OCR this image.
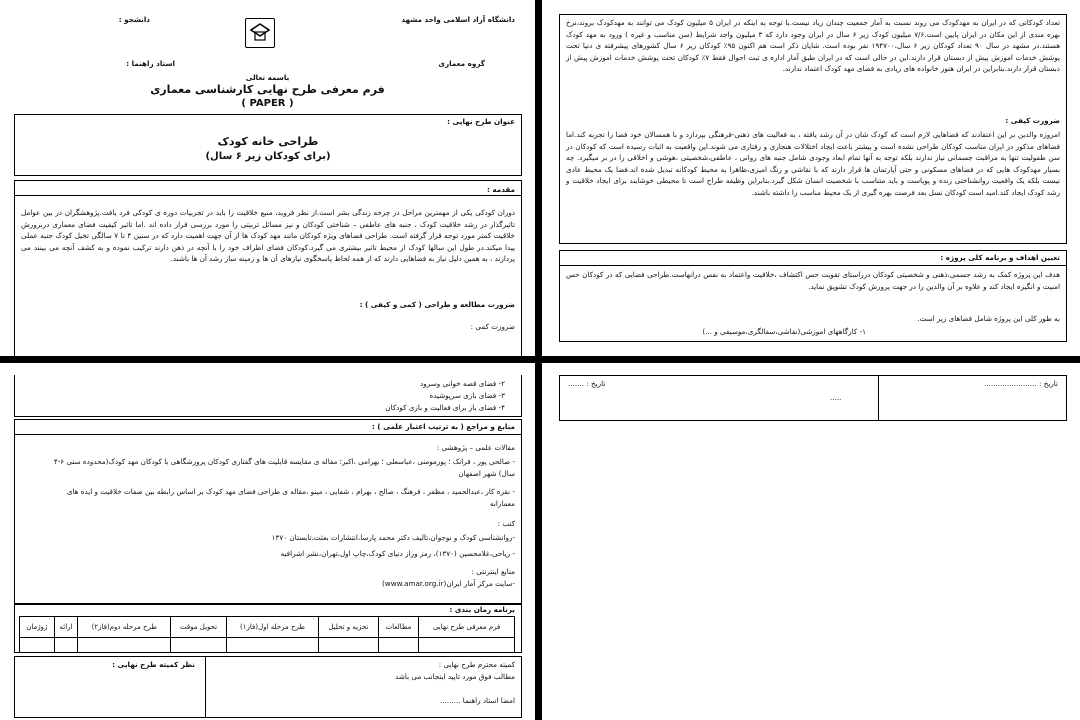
دانشگاه آزاد اسلامی واحد مشهد
دانشجو :
گروه معماری
استاد راهنما :
باسمه تعالی
فرم معرفی طرح نهایی کارشناسی معماری
( PAPER )
عنوان طرح نهایی :
طراحی خانه کودک
(برای کودکان زیر ۶ سال)
مقدمه :
دوران کودکی یکی از مهمترین مراحل در چرخه زندگی بشر است.از نظر فروید، منبع خلاقیت را باید در تجربیات دوره ی کودکی فرد یافت.پژوهشگران در بین عوامل تاثیرگذار در رشد خلاقیت کودک ، جنبه های عاطفی – شناختی کودکان و نیز مسائل تربیتی را مورد بررسی قرار داده اند .اما تاثیر کیفیت فضای معماری دربرورش خلاقیت کمتر مورد توجه قرار گرفته است. طراحی فضاهای ویژه کودکان مانند مهد کودک ها از آن جهت اهمیت دارد که در سنین ۴ تا ۷ سالگی تخیل کودک جنبه عملی پیدا میکند.در طول این سالها کودک از محیط تاثیر بیشتری می گیرد.کودکان فضای اطراف خود را با آنچه در ذهن دارند ترکیب نموده و به کشف آنچه می بینند می پردازند ، به همین دلیل نیاز به فضاهایی دارند که از همه لحاظ پاسخگوی نیازهای آن ها و زمینه ساز رشد آن ها باشند.
ضرورت مطالعه و طراحی ( کمی و کیفی ) :
ضرورت کمی :
تعداد کودکانی که در ایران به مهدکودک می روند نسبت به آمار جمعیت چندان زیاد نیست.با توجه به اینکه در ایران ۵ میلیون کودک می توانند به مهدکودک بروند،نرخ بهره مندی از این مکان در ایران پایین است.۷/۶ میلیون کودک زیر ۶ سال در ایران وجود دارد که ۳ میلیون واجد شرایط (سن مناسب و غیره ) ورود به مهد کودک هستند.در مشهد در سال ۹۰ تعداد کودکان زیر ۶ سال،۱۹۴۷۰۰ نفر بوده است. شایان ذکر است هم اکنون ۹۵٪ کودکان زیر ۶ سال کشورهای پیشرفته ی دنیا تحت پوشش خدمات اموزش پیش از دبستان قرار دارند.این در حالی است که در ایران طبق آمار اداره ی تبت احوال فقط ۷٪ کودکان تحت پوشش خدمات اموزش پیش از دبستان قرار دارند.بنابراین در ایران هنوز خانواده های زیادی به فضای مهد کودک اعتماد ندارند.
ضرورت کیفی :
امروزه والدین بر این اعتقادند که فضاهایی لازم است که کودک شان در آن رشد یافته ، به فعالیت های ذهنی-فرهنگی بپردازد و با همسالان خود فضا را تجربه کند.اما فضاهای مذکور در ایران مناسب کودکان طراحی نشده است و بیشتر باعث ایجاد اختلالات هنجاری و رفتاری می شوند.این واقعیت به اثبات رسیده است که کودکان در سن طفولیت تنها به مراقبت جسمانی نیاز ندارند بلکه توجه به آنها تمام ابعاد وجودی شامل جنبه های روانی ، عاطفی،شخصیتی ،هوشی و اخلاقی را در بر میگیرد. چه بسیار مهدکودک هایی که در فضاهای مسکونی و حتی آپارتمان ها قرار دارند که با نقاشی و رنگ امیزی،ظاهرا به محیط کودکانه تبدیل شده اند.فضا یک محیط عادی نیست بلکه یک واقعیت روانشناختی زنده و پویاست و باید متناسب با شخصیت انسان شکل گیرد.بنابراین وظیفه طراح است تا محیطی خوشایند برای ایجاد خلاقیت و رشد کودک ایجاد کند.امید است کودکان نسل بعد فرصت بهره گیری از یک محیط مناسب را داشته باشند.
تعیین اهداف و برنامه کلی پروژه :
هدف این پروژه کمک به رشد جسمی،ذهنی و شخصیتی کودکان درراستای تقویت حس اکتشاف ،خلاقیت واعتماد به نفس درانهاست.طراحی فضایی که در کودکان حس امنیت و انگیزه ایجاد کند و علاوه بر آن والدین را در جهت پرورش کودک تشویق نماید.
به طور کلی این پروژه شامل فضاهای زیر است.
۱- کارگاههای اموزشی(نقاشی،سفالگری،موسیقی و ...)
۲- فضای قصه خوانی وسرود
۳- فضای بازی سرپوشیده
۴- فضای باز برای فعالیت و بازی کودکان
منابع و مراجع ( به ترتیب اعتبار علمی ) :
مقالات علمی – پژوهشی :
- صالحی پور ، فرانک ؛ پورمومنی ،عباسعلی ؛ بهرامی ،اکبر؛ مقاله ی مقایسه قابلیت های گفتاری کودکان پرورشگاهی با کودکان مهد کودک(محدوده سنی ۶-۴ سال) شهر اصفهان
- نقره کار ،عبدالحمید ، مظفر ، فرهنگ ، صالح ، بهرام ، شفایی ، مینو ،مقاله ی طراحی فضای مهد کودک بر اساس رابطه بین صفات خلاقیت و ایده های معمارانه
کتب :
-روانشناسی کودک و نوجوان،تالیف دکتر محمد پارسا،انتشارات بعثت،تابستان ۱۳۷۰
- ریاحی،غلامحسین (۱۳۷۰)، رمز وراز دنیای کودک،چاپ اول،تهران،نشر اشرافیه
منابع اینترنتی :
-سایت مرکز آمار ایران(www.amar.org.ir)
برنامه زمان بندی :
فرم معرفی طرح نهایی	مطالعات	تجزیه و تحلیل	طرح مرحله اول(فاز۱)	تحویل موقت	طرح مرحله دوم(فاز۲)	ارائه	ژوژمان

کمیته محترم طرح نهایی :
مطالب فوق مورد تایید اینجانب می باشد
امضا استاد راهنما .........
نظر کمیته طرح نهایی :
تاریخ : .......................
تاریخ : .......
.....
